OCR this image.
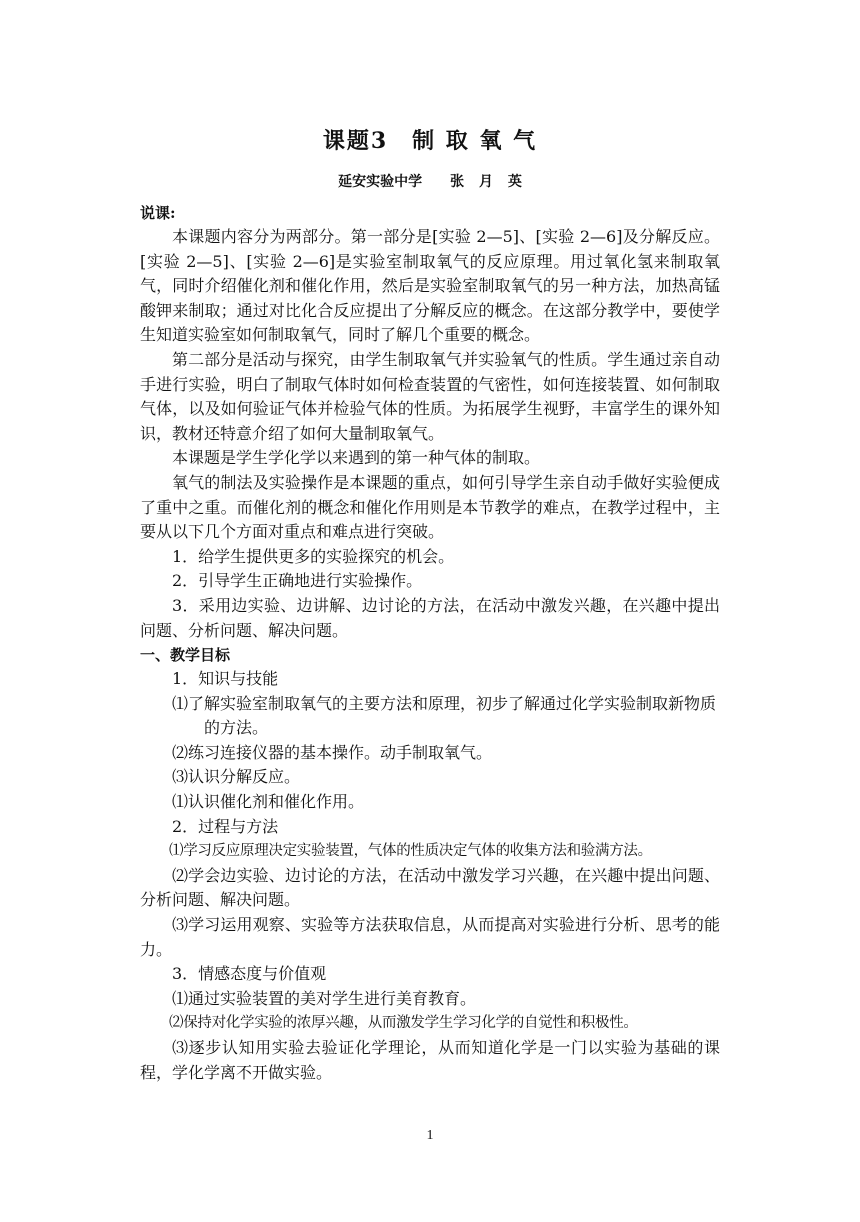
课题3　制 取 氧 气
延安实验中学　　张 月 英
说课:

本课题内容分为两部分。第一部分是[实验 2—5]、[实验 2—6]及分解反应。[实验 2—5]、[实验 2—6]是实验室制取氧气的反应原理。用过氧化氢来制取氧气，同时介绍催化剂和催化作用，然后是实验室制取氧气的另一种方法，加热高锰酸钾来制取；通过对比化合反应提出了分解反应的概念。在这部分教学中，要使学生知道实验室如何制取氧气，同时了解几个重要的概念。

第二部分是活动与探究，由学生制取氧气并实验氧气的性质。学生通过亲自动手进行实验，明白了制取气体时如何检查装置的气密性，如何连接装置、如何制取气体，以及如何验证气体并检验气体的性质。为拓展学生视野，丰富学生的课外知识，教材还特意介绍了如何大量制取氧气。

本课题是学生学化学以来遇到的第一种气体的制取。

氧气的制法及实验操作是本课题的重点，如何引导学生亲自动手做好实验便成了重中之重。而催化剂的概念和催化作用则是本节教学的难点，在教学过程中，主要从以下几个方面对重点和难点进行突破。

1．给学生提供更多的实验探究的机会。

2．引导学生正确地进行实验操作。

3．采用边实验、边讲解、边讨论的方法，在活动中激发兴趣，在兴趣中提出问题、分析问题、解决问题。

一、教学目标

1．知识与技能

⑴了解实验室制取氧气的主要方法和原理，初步了解通过化学实验制取新物质的方法。

⑵练习连接仪器的基本操作。动手制取氧气。

⑶认识分解反应。

⑴认识催化剂和催化作用。

2．过程与方法

⑴学习反应原理决定实验装置，气体的性质决定气体的收集方法和验满方法。

⑵学会边实验、边讨论的方法，在活动中激发学习兴趣，在兴趣中提出问题、分析问题、解决问题。

⑶学习运用观察、实验等方法获取信息，从而提高对实验进行分析、思考的能力。

3．情感态度与价值观

⑴通过实验装置的美对学生进行美育教育。

⑵保持对化学实验的浓厚兴趣，从而激发学生学习化学的自觉性和积极性。

⑶逐步认知用实验去验证化学理论，从而知道化学是一门以实验为基础的课程，学化学离不开做实验。

1
